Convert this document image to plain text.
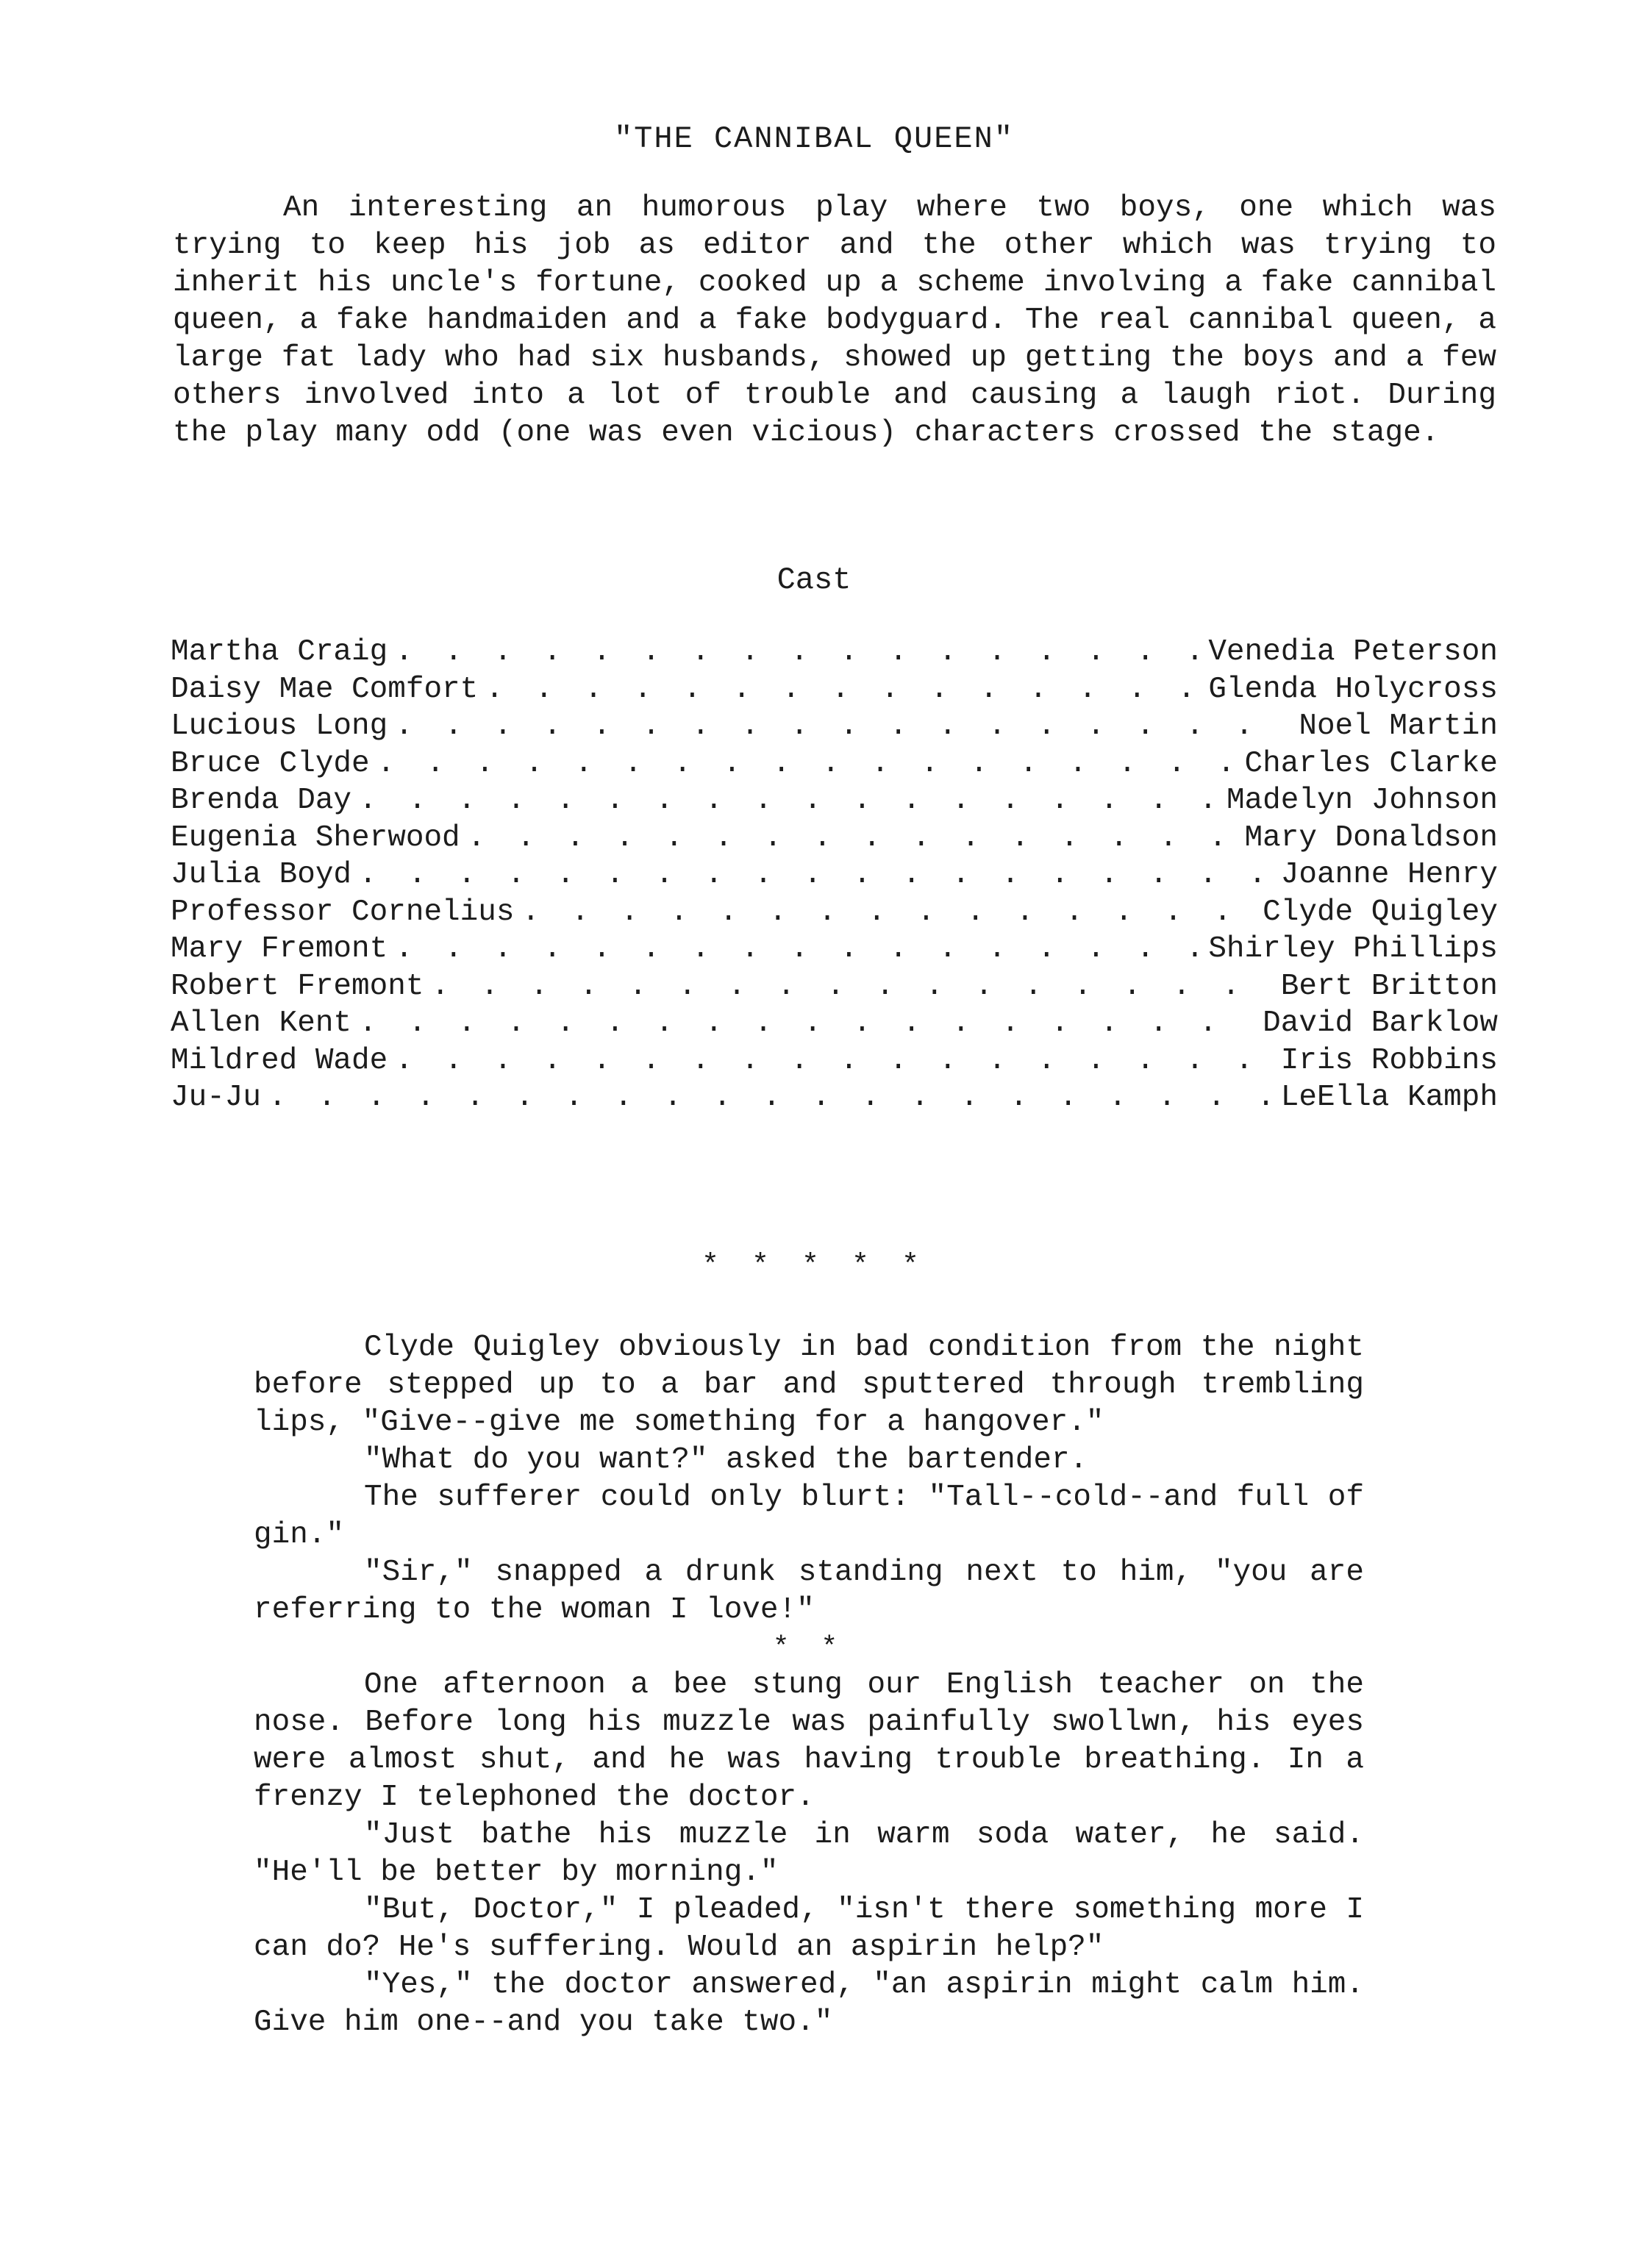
"THE CANNIBAL QUEEN"
An interesting an humorous play where two boys, one which was trying to keep his job as editor and the other which was trying to inherit his uncle's fortune, cooked up a scheme involving a fake cannibal queen, a fake handmaiden and a fake bodyguard. The real cannibal queen, a large fat lady who had six husbands, showed up getting the boys and a few others involved into a lot of trouble and causing a laugh riot. During the play many odd (one was even vicious) characters crossed the stage.
Cast
Martha Craig . . .	Venedia Peterson
Daisy Mae Comfort . . .	Glenda Holycross
Lucious Long . . .	Noel Martin
Bruce Clyde . . .	Charles Clarke
Brenda Day . . .	Madelyn Johnson
Eugenia Sherwood . . .	Mary Donaldson
Julia Boyd . . .	Joanne Henry
Professor Cornelius . . .	Clyde Quigley
Mary Fremont . . .	Shirley Phillips
Robert Fremont . . .	Bert Britton
Allen Kent . . .	David Barklow
Mildred Wade . . .	Iris Robbins
Ju-Ju . . .	LeElla Kamph
* * * * *

Clyde Quigley obviously in bad condition from the night before stepped up to a bar and sputtered through trembling lips, "Give--give me something for a hangover."

"What do you want?" asked the bartender.

The sufferer could only blurt: "Tall--cold--and full of gin."

"Sir," snapped a drunk standing next to him, "you are referring to the woman I love!"

* *

One afternoon a bee stung our English teacher on the nose. Before long his muzzle was painfully swollwn, his eyes were almost shut, and he was having trouble breathing. In a frenzy I telephoned the doctor.

"Just bathe his muzzle in warm soda water, he said. "He'll be better by morning."

"But, Doctor," I pleaded, "isn't there something more I can do? He's suffering. Would an aspirin help?"

"Yes," the doctor answered, "an aspirin might calm him. Give him one--and you take two."
